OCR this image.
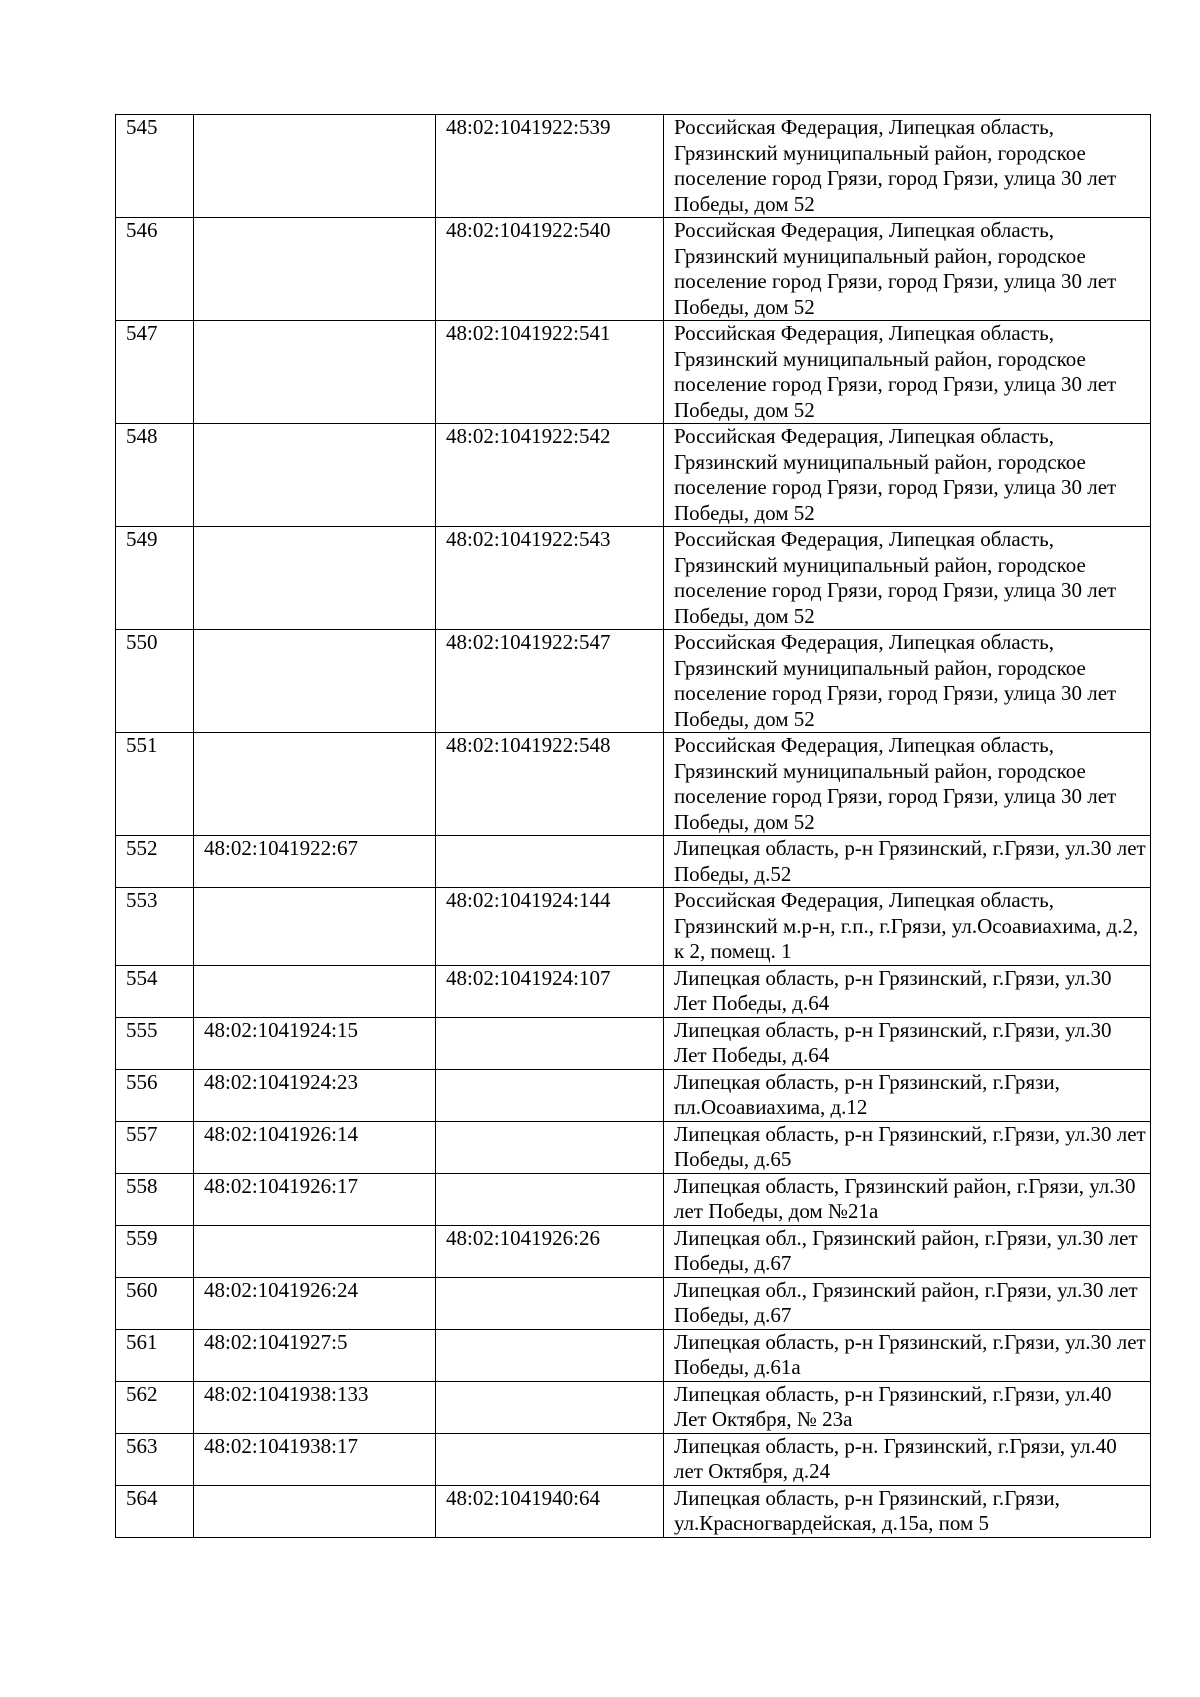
545		48:02:1041922:539	Российская Федерация, Липецкая область, Грязинский муниципальный район, городское поселение город Грязи, город Грязи, улица 30 лет Победы, дом 52
546		48:02:1041922:540	Российская Федерация, Липецкая область, Грязинский муниципальный район, городское поселение город Грязи, город Грязи, улица 30 лет Победы, дом 52
547		48:02:1041922:541	Российская Федерация, Липецкая область, Грязинский муниципальный район, городское поселение город Грязи, город Грязи, улица 30 лет Победы, дом 52
548		48:02:1041922:542	Российская Федерация, Липецкая область, Грязинский муниципальный район, городское поселение город Грязи, город Грязи, улица 30 лет Победы, дом 52
549		48:02:1041922:543	Российская Федерация, Липецкая область, Грязинский муниципальный район, городское поселение город Грязи, город Грязи, улица 30 лет Победы, дом 52
550		48:02:1041922:547	Российская Федерация, Липецкая область, Грязинский муниципальный район, городское поселение город Грязи, город Грязи, улица 30 лет Победы, дом 52
551		48:02:1041922:548	Российская Федерация, Липецкая область, Грязинский муниципальный район, городское поселение город Грязи, город Грязи, улица 30 лет Победы, дом 52
552	48:02:1041922:67		Липецкая область, р-н Грязинский, г.Грязи, ул.30 лет Победы, д.52
553		48:02:1041924:144	Российская Федерация, Липецкая область, Грязинский м.р-н, г.п., г.Грязи, ул.Осоавиахима, д.2, к 2, помещ. 1
554		48:02:1041924:107	Липецкая область, р-н Грязинский, г.Грязи, ул.30 Лет Победы, д.64
555	48:02:1041924:15		Липецкая область, р-н Грязинский, г.Грязи, ул.30 Лет Победы, д.64
556	48:02:1041924:23		Липецкая область, р-н Грязинский, г.Грязи, пл.Осоавиахима, д.12
557	48:02:1041926:14		Липецкая область, р-н Грязинский, г.Грязи, ул.30 лет Победы, д.65
558	48:02:1041926:17		Липецкая область, Грязинский район, г.Грязи, ул.30 лет Победы, дом №21а
559		48:02:1041926:26	Липецкая обл., Грязинский район, г.Грязи, ул.30 лет Победы, д.67
560	48:02:1041926:24		Липецкая обл., Грязинский район, г.Грязи, ул.30 лет Победы, д.67
561	48:02:1041927:5		Липецкая область, р-н Грязинский, г.Грязи, ул.30 лет Победы, д.61а
562	48:02:1041938:133		Липецкая область, р-н Грязинский, г.Грязи, ул.40 Лет Октября, № 23а
563	48:02:1041938:17		Липецкая область, р-н. Грязинский, г.Грязи, ул.40 лет Октября, д.24
564		48:02:1041940:64	Липецкая область, р-н Грязинский, г.Грязи, ул.Красногвардейская, д.15а, пом 5
